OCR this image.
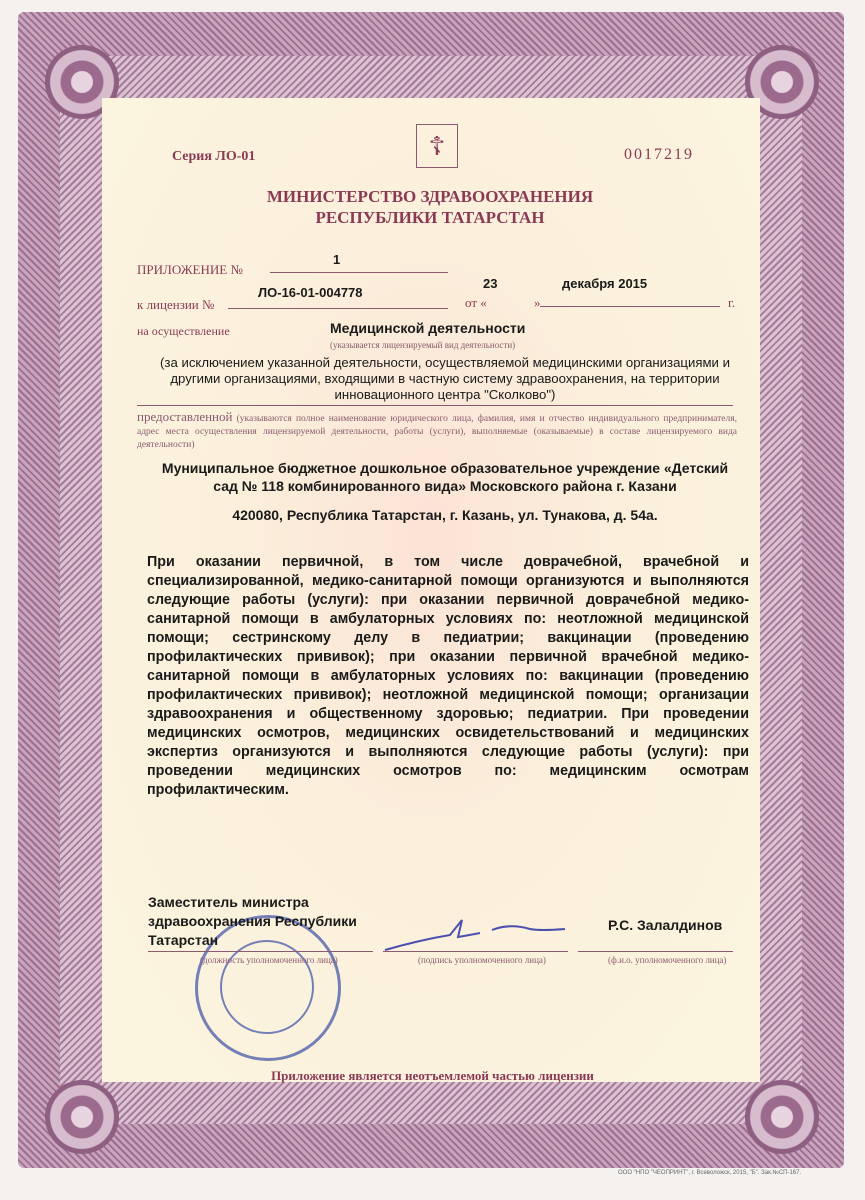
☦
Серия ЛО-01	0017219
МИНИСТЕРСТВО ЗДРАВООХРАНЕНИЯ
РЕСПУБЛИКИ ТАТАРСТАН
ПРИЛОЖЕНИЕ №
1
к лицензии №
ЛО-16-01-004778
от «
23
»
декабря 2015
г.
на осуществление	Медицинской деятельности
(указывается лицензируемый вид деятельности)
(за исключением указанной деятельности, осуществляемой медицинскими организациями и другими организациями, входящими в частную систему здравоохранения, на территории инновационного центра "Сколково")
предоставленной (указываются полное наименование юридического лица, фамилия, имя и отчество индивидуального предпринимателя, адрес места осуществления лицензируемой деятельности, работы (услуги), выполняемые (оказываемые) в составе лицензируемого вида деятельности)
Муниципальное бюджетное дошкольное образовательное учреждение «Детский сад № 118 комбинированного вида» Московского района г. Казани
420080, Республика Татарстан, г. Казань, ул. Тунакова, д. 54а.
При оказании первичной, в том числе доврачебной, врачебной и специализированной, медико-санитарной помощи организуются и выполняются следующие работы (услуги): при оказании первичной доврачебной медико-санитарной помощи в амбулаторных условиях по: неотложной медицинской помощи; сестринскому делу в педиатрии; вакцинации (проведению профилактических прививок); при оказании первичной врачебной медико-санитарной помощи в амбулаторных условиях по: вакцинации (проведению профилактических прививок); неотложной медицинской помощи; организации здравоохранения и общественному здоровью; педиатрии. При проведении медицинских осмотров, медицинских освидетельствований и медицинских экспертиз организуются и выполняются следующие работы (услуги): при проведении медицинских осмотров по: медицинским осмотрам профилактическим.
Заместитель министра
здравоохранения Республики
Татарстан
Р.С. Залалдинов
(должность уполномоченного лица)	(подпись уполномоченного лица)	(ф.и.о. уполномоченного лица)
Приложение является неотъемлемой частью лицензии
ООО "НПО "ЧЕОПРИНТ", г. Всеволожск, 2015, "Б". Зак.№СП-167.
